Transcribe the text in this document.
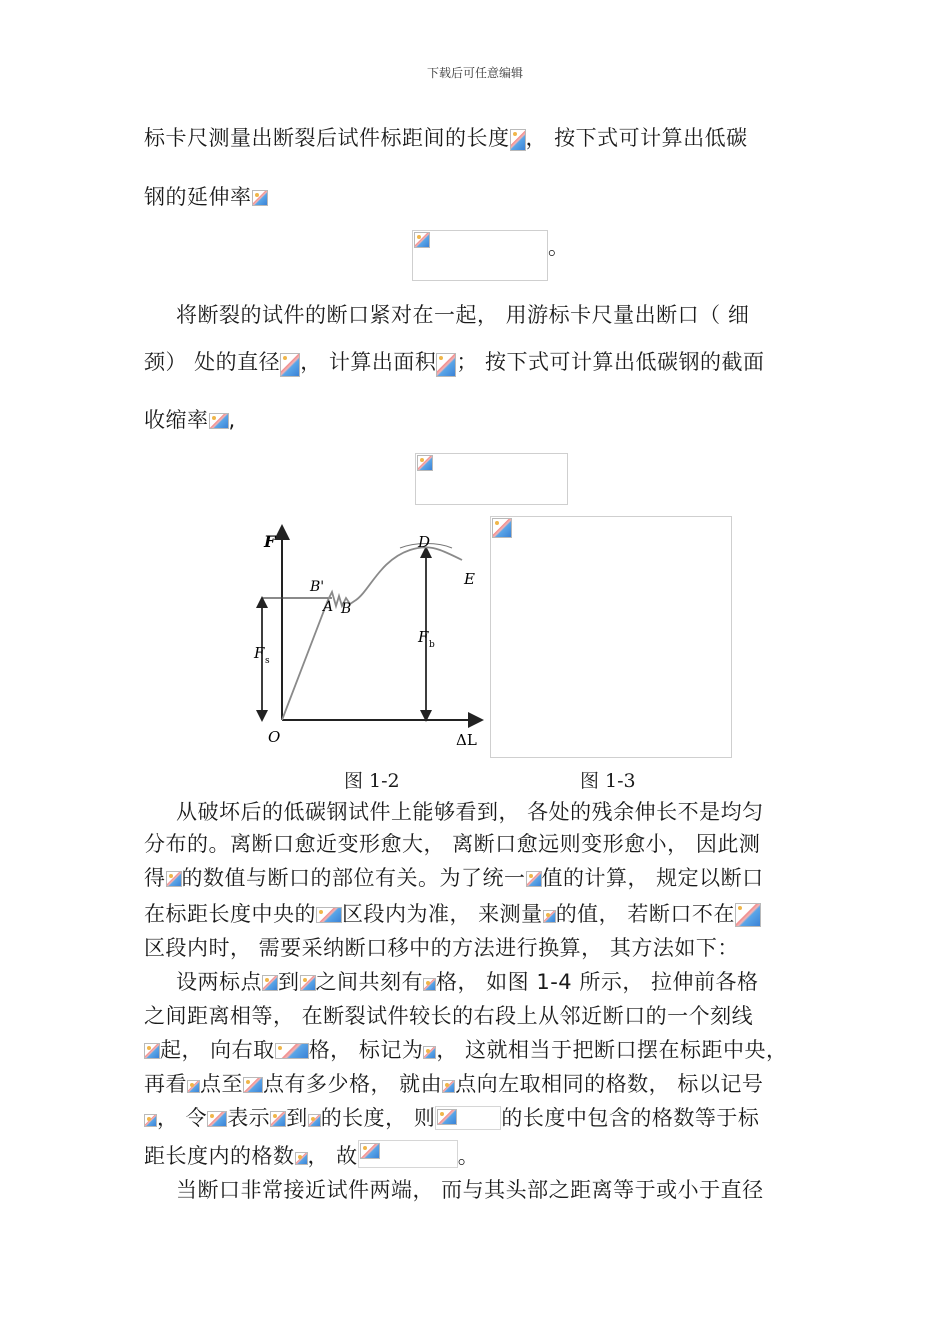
下载后可任意编辑
标卡尺测量出断裂后试件标距间的长度 ， 按下式可计算出低碳
钢的延伸率
。
将断裂的试件的断口紧对在一起， 用游标卡尺量出断口（ 细
颈） 处的直径 ， 计算出面积 ； 按下式可计算出低碳钢的截面
收缩率 ,
F	D
E
B'
A B
F s
F b
O	ΔL
图 1-2	图 1-3
从破坏后的低碳钢试件上能够看到， 各处的残余伸长不是均匀
分布的。离断口愈近变形愈大， 离断口愈远则变形愈小， 因此测
得 的数值与断口的部位有关。为了统一 值的计算， 规定以断口
在标距长度中央的 区段内为准， 来测量 的值， 若断口不在
区段内时， 需要采纳断口移中的方法进行换算， 其方法如下：
设两标点 到 之间共刻有 格， 如图 1-4 所示， 拉伸前各格
之间距离相等， 在断裂试件较长的右段上从邻近断口的一个刻线
起， 向右取 格， 标记为 ， 这就相当于把断口摆在标距中央，
再看 点至 点有多少格， 就由 点向左取相同的格数， 标以记号
， 令 表示 到 的长度， 则	的长度中包含的格数等于标
距长度内的格数 ， 故	。
当断口非常接近试件两端， 而与其头部之距离等于或小于直径
